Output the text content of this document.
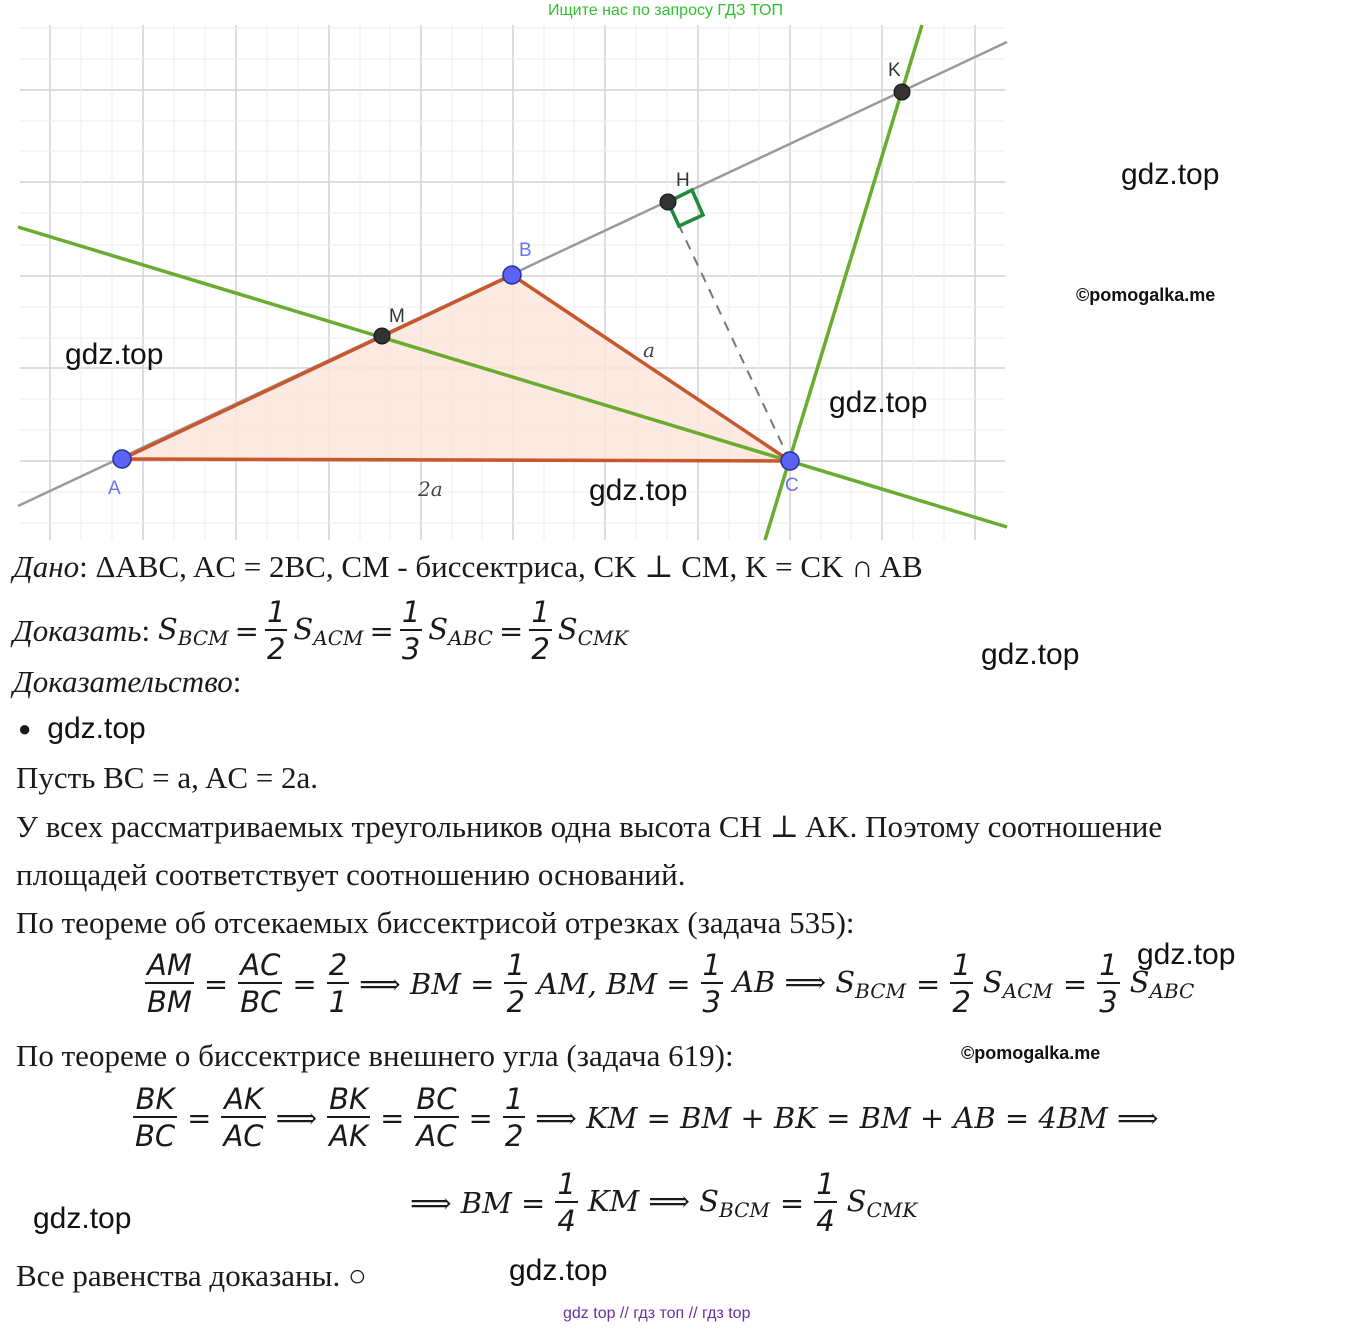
Ищите нас по запросу ГДЗ ТОП
A
B
C
M
H
K
a
2a
gdz.top
©pomogalka.me
gdz.top
gdz.top
gdz.top
gdz.top
gdz.top
©pomogalka.me
gdz.top
gdz.top
Дано: ΔABC, AC = 2BC, CM - биссектриса, CK ⊥ CM, K = CK ∩ AB
Доказать : $S_{BCM} = \frac{1}{2} S_{ACM} = \frac{1}{3} S_{ABC} = \frac{1}{2} S_{CMK}$
Доказательство:
● gdz.top
Пусть BC = a, AC = 2a.
У всех рассматриваемых треугольников одна высота CH ⊥ AK. Поэтому соотношение
площадей соответствует соотношению оснований.
По теореме об отсекаемых биссектрисой отрезках (задача 535):
$\frac{AM}{BM} = \frac{AC}{BC} = \frac{2}{1}$ ⟹ BM = $\frac{1}{2}$ AM, BM = $\frac{1}{3}$ AB ⟹ $S_{BCM} = \frac{1}{2} S_{ACM} = \frac{1}{3} S_{ABC}$
По теореме о биссектрисе внешнего угла (задача 619):
$\frac{BK}{BC} = \frac{AK}{AC}$ ⟹ $\frac{BK}{AK} = \frac{BC}{AC} = \frac{1}{2}$ ⟹ KM = BM + BK = BM + AB = 4BM ⟹
⟹ BM = $\frac{1}{4}$ KM ⟹ $S_{BCM} = \frac{1}{4} S_{CMK}$
Все равенства доказаны. ○
gdz top // гдз топ // гдз top
